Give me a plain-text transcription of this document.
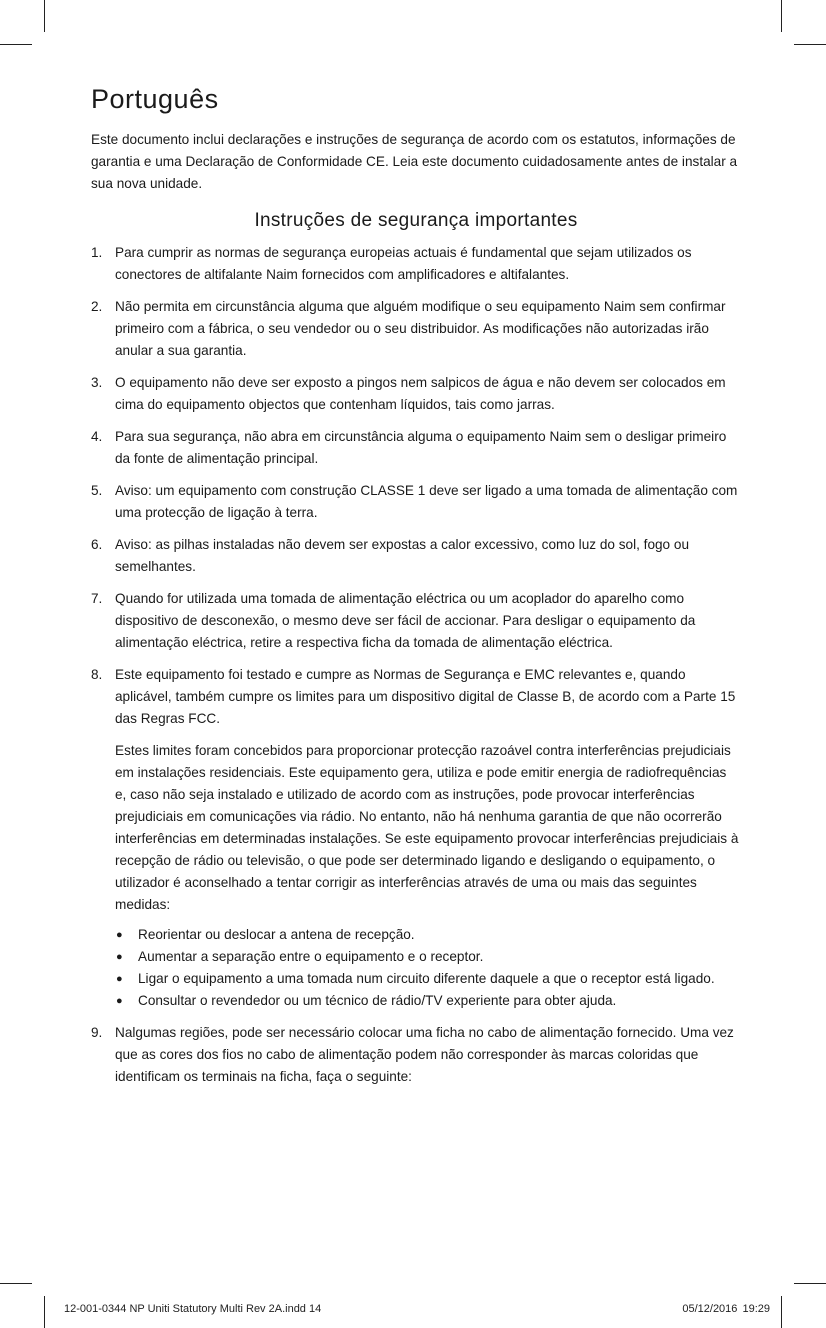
Português

Este documento inclui declarações e instruções de segurança de acordo com os estatutos, informações de garantia e uma Declaração de Conformidade CE. Leia este documento cuidadosamente antes de instalar a sua nova unidade.

Instruções de segurança importantes
1. Para cumprir as normas de segurança europeias actuais é fundamental que sejam utilizados os conectores de altifalante Naim fornecidos com amplificadores e altifalantes.
2. Não permita em circunstância alguma que alguém modifique o seu equipamento Naim sem confirmar primeiro com a fábrica, o seu vendedor ou o seu distribuidor. As modificações não autorizadas irão anular a sua garantia.
3. O equipamento não deve ser exposto a pingos nem salpicos de água e não devem ser colocados em cima do equipamento objectos que contenham líquidos, tais como jarras.
4. Para sua segurança, não abra em circunstância alguma o equipamento Naim sem o desligar primeiro da fonte de alimentação principal.
5. Aviso: um equipamento com construção CLASSE 1 deve ser ligado a uma tomada de alimentação com uma protecção de ligação à terra.
6. Aviso: as pilhas instaladas não devem ser expostas a calor excessivo, como luz do sol, fogo ou semelhantes.
7. Quando for utilizada uma tomada de alimentação eléctrica ou um acoplador do aparelho como dispositivo de desconexão, o mesmo deve ser fácil de accionar. Para desligar o equipamento da alimentação eléctrica, retire a respectiva ficha da tomada de alimentação eléctrica.
8. Este equipamento foi testado e cumpre as Normas de Segurança e EMC relevantes e, quando aplicável, também cumpre os limites para um dispositivo digital de Classe B, de acordo com a Parte 15 das Regras FCC.
Estes limites foram concebidos para proporcionar protecção razoável contra interferências prejudiciais em instalações residenciais. Este equipamento gera, utiliza e pode emitir energia de radiofrequências e, caso não seja instalado e utilizado de acordo com as instruções, pode provocar interferências prejudiciais em comunicações via rádio. No entanto, não há nenhuma garantia de que não ocorrerão interferências em determinadas instalações. Se este equipamento provocar interferências prejudiciais à recepção de rádio ou televisão, o que pode ser determinado ligando e desligando o equipamento, o utilizador é aconselhado a tentar corrigir as interferências através de uma ou mais das seguintes medidas:
● Reorientar ou deslocar a antena de recepção.
● Aumentar a separação entre o equipamento e o receptor.
● Ligar o equipamento a uma tomada num circuito diferente daquele a que o receptor está ligado.
● Consultar o revendedor ou um técnico de rádio/TV experiente para obter ajuda.
9. Nalgumas regiões, pode ser necessário colocar uma ficha no cabo de alimentação fornecido. Uma vez que as cores dos fios no cabo de alimentação podem não corresponder às marcas coloridas que identificam os terminais na ficha, faça o seguinte:
12-001-0344 NP Uniti Statutory Multi Rev 2A.indd 14	05/12/2016 19:29
